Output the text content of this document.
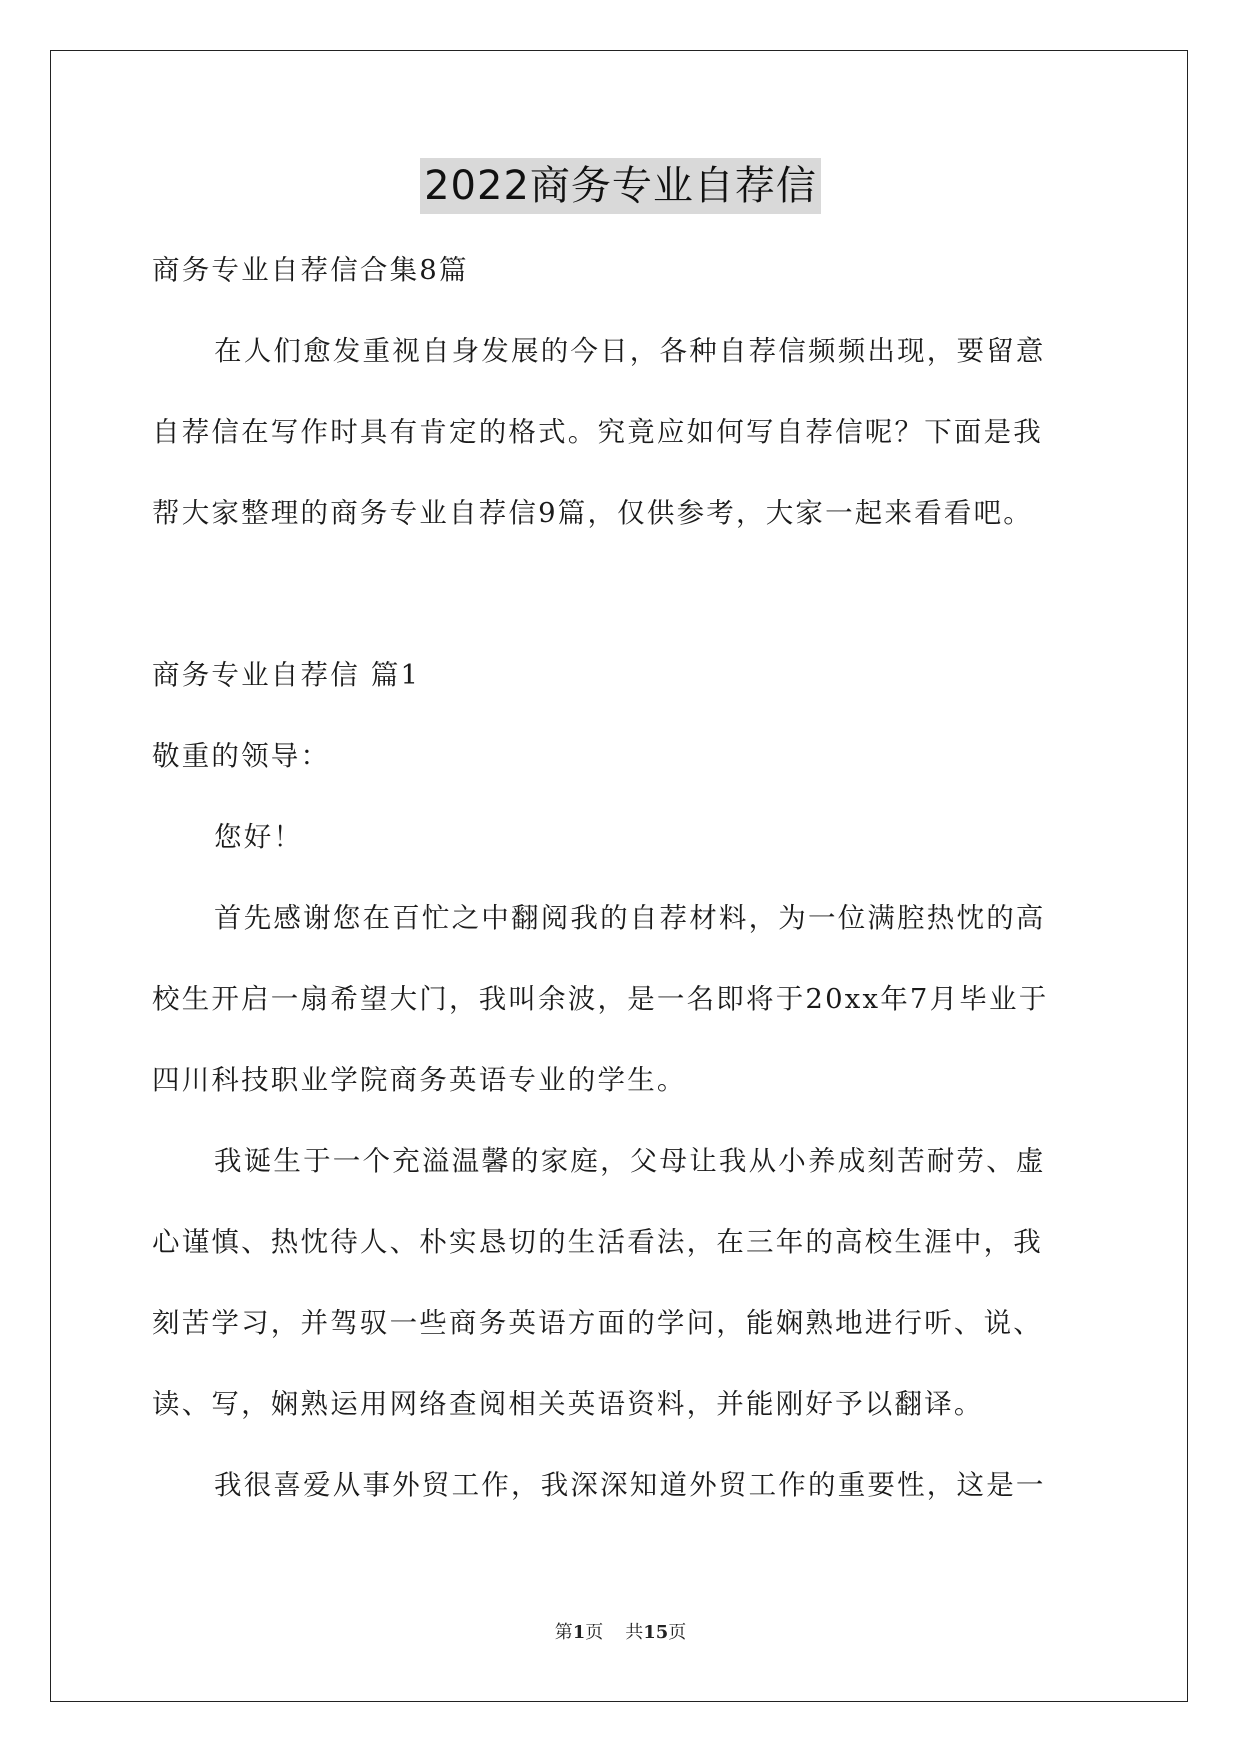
2022商务专业自荐信
商务专业自荐信合集8篇
在人们愈发重视自身发展的今日，各种自荐信频频出现，要留意
自荐信在写作时具有肯定的格式。究竟应如何写自荐信呢？下面是我
帮大家整理的商务专业自荐信9篇，仅供参考，大家一起来看看吧。
商务专业自荐信 篇1
敬重的领导：
您好！
首先感谢您在百忙之中翻阅我的自荐材料，为一位满腔热忱的高
校生开启一扇希望大门，我叫余波，是一名即将于20xx年7月毕业于
四川科技职业学院商务英语专业的学生。
我诞生于一个充溢温馨的家庭，父母让我从小养成刻苦耐劳、虚
心谨慎、热忱待人、朴实恳切的生活看法，在三年的高校生涯中，我
刻苦学习，并驾驭一些商务英语方面的学问，能娴熟地进行听、说、
读、写，娴熟运用网络查阅相关英语资料，并能刚好予以翻译。
我很喜爱从事外贸工作，我深深知道外贸工作的重要性，这是一
第1页 共15页
